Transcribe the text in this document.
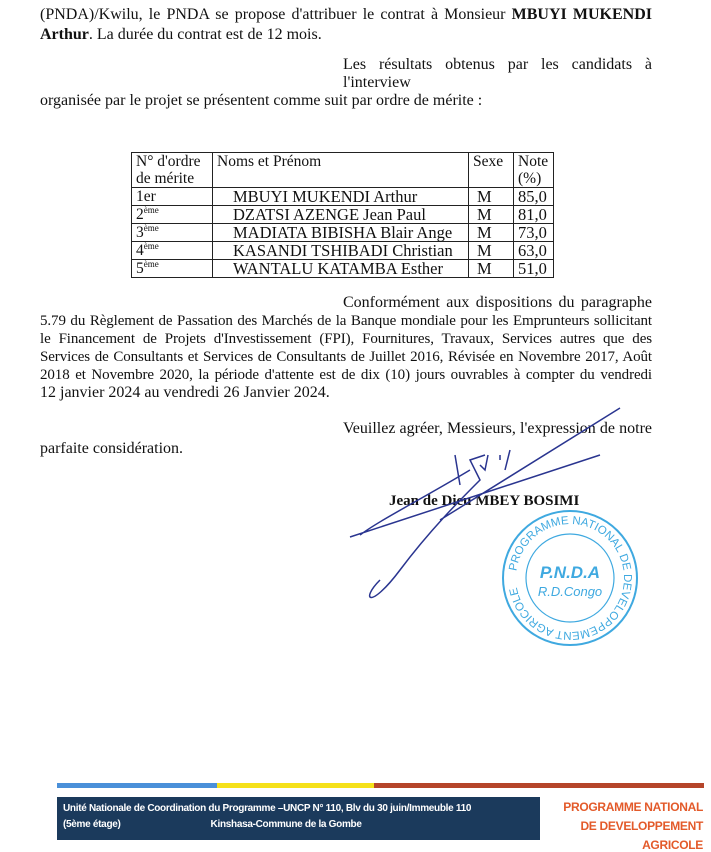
(PNDA)/Kwilu, le PNDA se propose d'attribuer le contrat à Monsieur MBUYI MUKENDI
Arthur. La durée du contrat est de 12 mois.
Les résultats obtenus par les candidats à l'interview
organisée par le projet se présentent comme suit par ordre de mérite :
N° d'ordre de mérite	Noms et Prénom	Sexe	Note (%)
1er	MBUYI MUKENDI Arthur	M	85,0
2ème	DZATSI AZENGE Jean Paul	M	81,0
3ème	MADIATA BIBISHA Blair Ange	M	73,0
4ème	KASANDI TSHIBADI Christian	M	63,0
5ème	WANTALU KATAMBA Esther	M	51,0
Conformément aux dispositions du paragraphe
5.79 du Règlement de Passation des Marchés de la Banque mondiale pour les Emprunteurs sollicitant
le Financement de Projets d'Investissement (FPI), Fournitures, Travaux, Services autres que des
Services de Consultants et Services de Consultants de Juillet 2016, Révisée en Novembre 2017, Août
2018 et Novembre 2020, la période d'attente est de dix (10) jours ouvrables à compter du vendredi
12 janvier 2024 au vendredi 26 Janvier 2024.
Veuillez agréer, Messieurs, l'expression de notre
parfaite considération.
Jean de Dieu MBEY BOSIMI
PROGRAMME NATIONAL DE DEVELOPPEMENT AGRICOLE
P.N.D.A
R.D.Congo
Unité Nationale de Coordination du Programme –UNCP N° 110, Blv du 30 juin/Immeuble 110
(5ème étage)	Kinshasa-Commune de la Gombe
PROGRAMME NATIONAL
DE DEVELOPPEMENT
AGRICOLE
